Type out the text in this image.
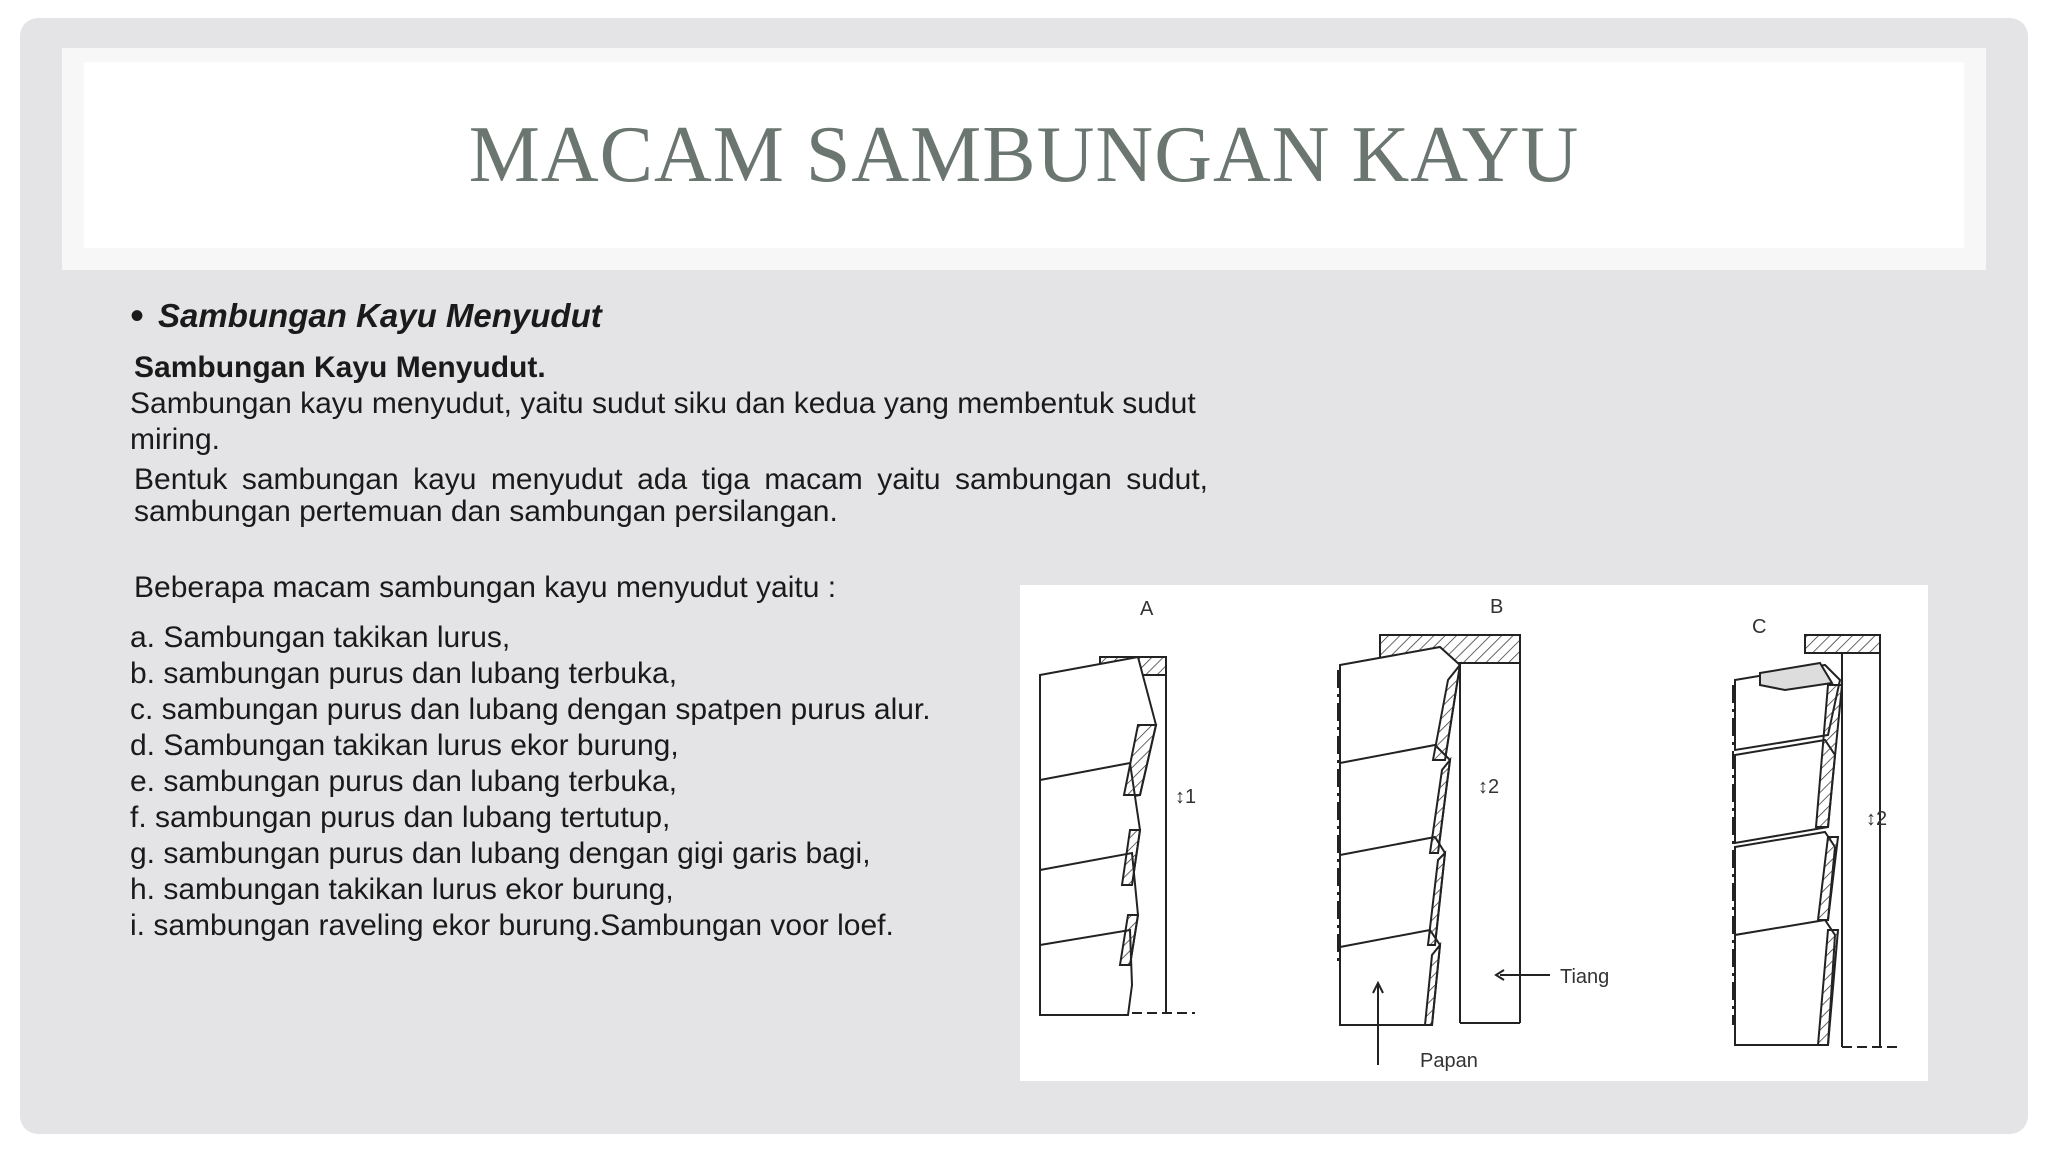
MACAM SAMBUNGAN KAYU
• Sambungan Kayu Menyudut
Sambungan Kayu Menyudut.

Sambungan kayu menyudut, yaitu sudut siku dan kedua yang membentuk sudut miring.

Bentuk sambungan kayu menyudut ada tiga macam yaitu sambungan sudut, sambungan pertemuan dan sambungan persilangan.

Beberapa macam sambungan kayu menyudut yaitu :
a. Sambungan takikan lurus,
b. sambungan purus dan lubang terbuka,
c. sambungan purus dan lubang dengan spatpen purus alur.
d. Sambungan takikan lurus ekor burung,
e. sambungan purus dan lubang terbuka,
f. sambungan purus dan lubang tertutup,
g. sambungan purus dan lubang dengan gigi garis bagi,
h. sambungan takikan lurus ekor burung,
i. sambungan raveling ekor burung.Sambungan voor loef.
A
↕1
B
↕2
Tiang
Papan
C
↕2
